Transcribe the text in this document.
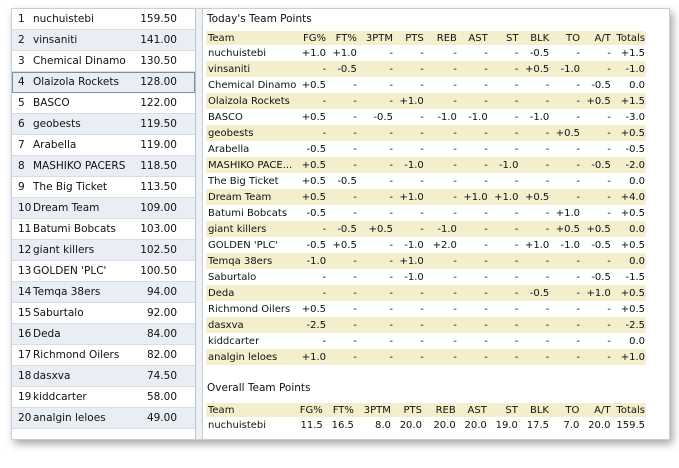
1 nuchuistebi	159.50
2 vinsaniti	141.00
3 Chemical Dinamo	130.50
4 Olaizola Rockets	128.00
5 BASCO	122.00
6 geobests	119.50
7 Arabella	119.00
8 MASHIKO PACERS	118.50
9 The Big Ticket	113.50
10 Dream Team	109.00
11 Batumi Bobcats	103.00
12 giant killers	102.50
13 GOLDEN 'PLC'	100.50
14 Temqa 38ers	94.00
15 Saburtalo	92.00
16 Deda	84.00
17 Richmond Oilers	82.00
18 dasxva	74.50
19 kiddcarter	58.00
20 analgin leloes	49.00
Today's Team Points
Team	FG%	FT%	3PTM	PTS	REB	AST	ST	BLK	TO	A/T	Totals
nuchuistebi	+1.0	+1.0	-	-	-	-	-	-0.5	-	-	+1.5
vinsaniti	-	-0.5	-	-	-	-	-	+0.5	-1.0	-	-1.0
Chemical Dinamo	+0.5	-	-	-	-	-	-	-	-	-0.5	0.0
Olaizola Rockets	-	-	-	+1.0	-	-	-	-	-	+0.5	+1.5
BASCO	+0.5	-	-0.5	-	-1.0	-1.0	-	-1.0	-	-	-3.0
geobests	-	-	-	-	-	-	-	-	+0.5	-	+0.5
Arabella	-0.5	-	-	-	-	-	-	-	-	-	-0.5
MASHIKO PACE...	+0.5	-	-	-1.0	-	-	-1.0	-	-	-0.5	-2.0
The Big Ticket	+0.5	-0.5	-	-	-	-	-	-	-	-	0.0
Dream Team	+0.5	-	-	+1.0	-	+1.0	+1.0	+0.5	-	-	+4.0
Batumi Bobcats	-0.5	-	-	-	-	-	-	-	+1.0	-	+0.5
giant killers	-	-0.5	+0.5	-	-1.0	-	-	-	+0.5	+0.5	0.0
GOLDEN 'PLC'	-0.5	+0.5	-	-1.0	+2.0	-	-	+1.0	-1.0	-0.5	+0.5
Temqa 38ers	-1.0	-	-	+1.0	-	-	-	-	-	-	0.0
Saburtalo	-	-	-	-1.0	-	-	-	-	-	-0.5	-1.5
Deda	-	-	-	-	-	-	-	-0.5	-	+1.0	+0.5
Richmond Oilers	+0.5	-	-	-	-	-	-	-	-	-	+0.5
dasxva	-2.5	-	-	-	-	-	-	-	-	-	-2.5
kiddcarter	-	-	-	-	-	-	-	-	-	-	0.0
analgin leloes	+1.0	-	-	-	-	-	-	-	-	-	+1.0
Overall Team Points
Team	FG%	FT%	3PTM	PTS	REB	AST	ST	BLK	TO	A/T	Totals
nuchuistebi	11.5	16.5	8.0	20.0	20.0	20.0	19.0	17.5	7.0	20.0	159.5
